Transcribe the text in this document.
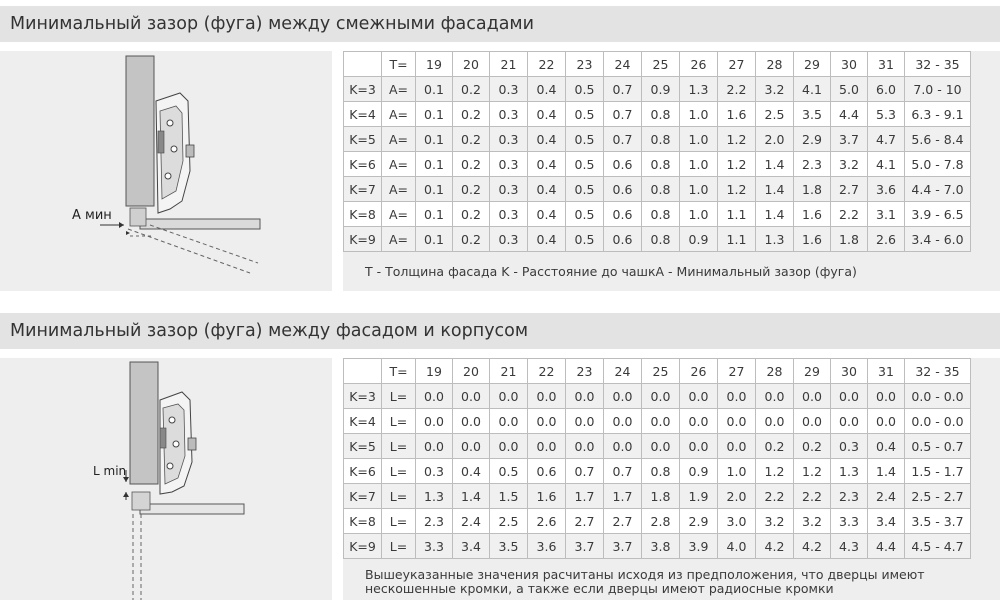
Минимальный зазор (фуга) между смежными фасадами
A мин
	T=	19	20	21	22	23	24	25	26	27	28	29	30	31	32 - 35
K=3	A=	0.1	0.2	0.3	0.4	0.5	0.7	0.9	1.3	2.2	3.2	4.1	5.0	6.0	7.0 - 10
K=4	A=	0.1	0.2	0.3	0.4	0.5	0.7	0.8	1.0	1.6	2.5	3.5	4.4	5.3	6.3 - 9.1
K=5	A=	0.1	0.2	0.3	0.4	0.5	0.7	0.8	1.0	1.2	2.0	2.9	3.7	4.7	5.6 - 8.4
K=6	A=	0.1	0.2	0.3	0.4	0.5	0.6	0.8	1.0	1.2	1.4	2.3	3.2	4.1	5.0 - 7.8
K=7	A=	0.1	0.2	0.3	0.4	0.5	0.6	0.8	1.0	1.2	1.4	1.8	2.7	3.6	4.4 - 7.0
K=8	A=	0.1	0.2	0.3	0.4	0.5	0.6	0.8	1.0	1.1	1.4	1.6	2.2	3.1	3.9 - 6.5
K=9	A=	0.1	0.2	0.3	0.4	0.5	0.6	0.8	0.9	1.1	1.3	1.6	1.8	2.6	3.4 - 6.0
T - Толщина фасада K - Расстояние до чашкA - Минимальный зазор (фуга)
Минимальный зазор (фуга) между фасадом и корпусом
L min
	T=	19	20	21	22	23	24	25	26	27	28	29	30	31	32 - 35
K=3	L=	0.0	0.0	0.0	0.0	0.0	0.0	0.0	0.0	0.0	0.0	0.0	0.0	0.0	0.0 - 0.0
K=4	L=	0.0	0.0	0.0	0.0	0.0	0.0	0.0	0.0	0.0	0.0	0.0	0.0	0.0	0.0 - 0.0
K=5	L=	0.0	0.0	0.0	0.0	0.0	0.0	0.0	0.0	0.0	0.2	0.2	0.3	0.4	0.5 - 0.7
K=6	L=	0.3	0.4	0.5	0.6	0.7	0.7	0.8	0.9	1.0	1.2	1.2	1.3	1.4	1.5 - 1.7
K=7	L=	1.3	1.4	1.5	1.6	1.7	1.7	1.8	1.9	2.0	2.2	2.2	2.3	2.4	2.5 - 2.7
K=8	L=	2.3	2.4	2.5	2.6	2.7	2.7	2.8	2.9	3.0	3.2	3.2	3.3	3.4	3.5 - 3.7
K=9	L=	3.3	3.4	3.5	3.6	3.7	3.7	3.8	3.9	4.0	4.2	4.2	4.3	4.4	4.5 - 4.7
Вышеуказанные значения расчитаны исходя из предположения, что дверцы имеют
нескошенные кромки, а также если дверцы имеют радиосные кромки
